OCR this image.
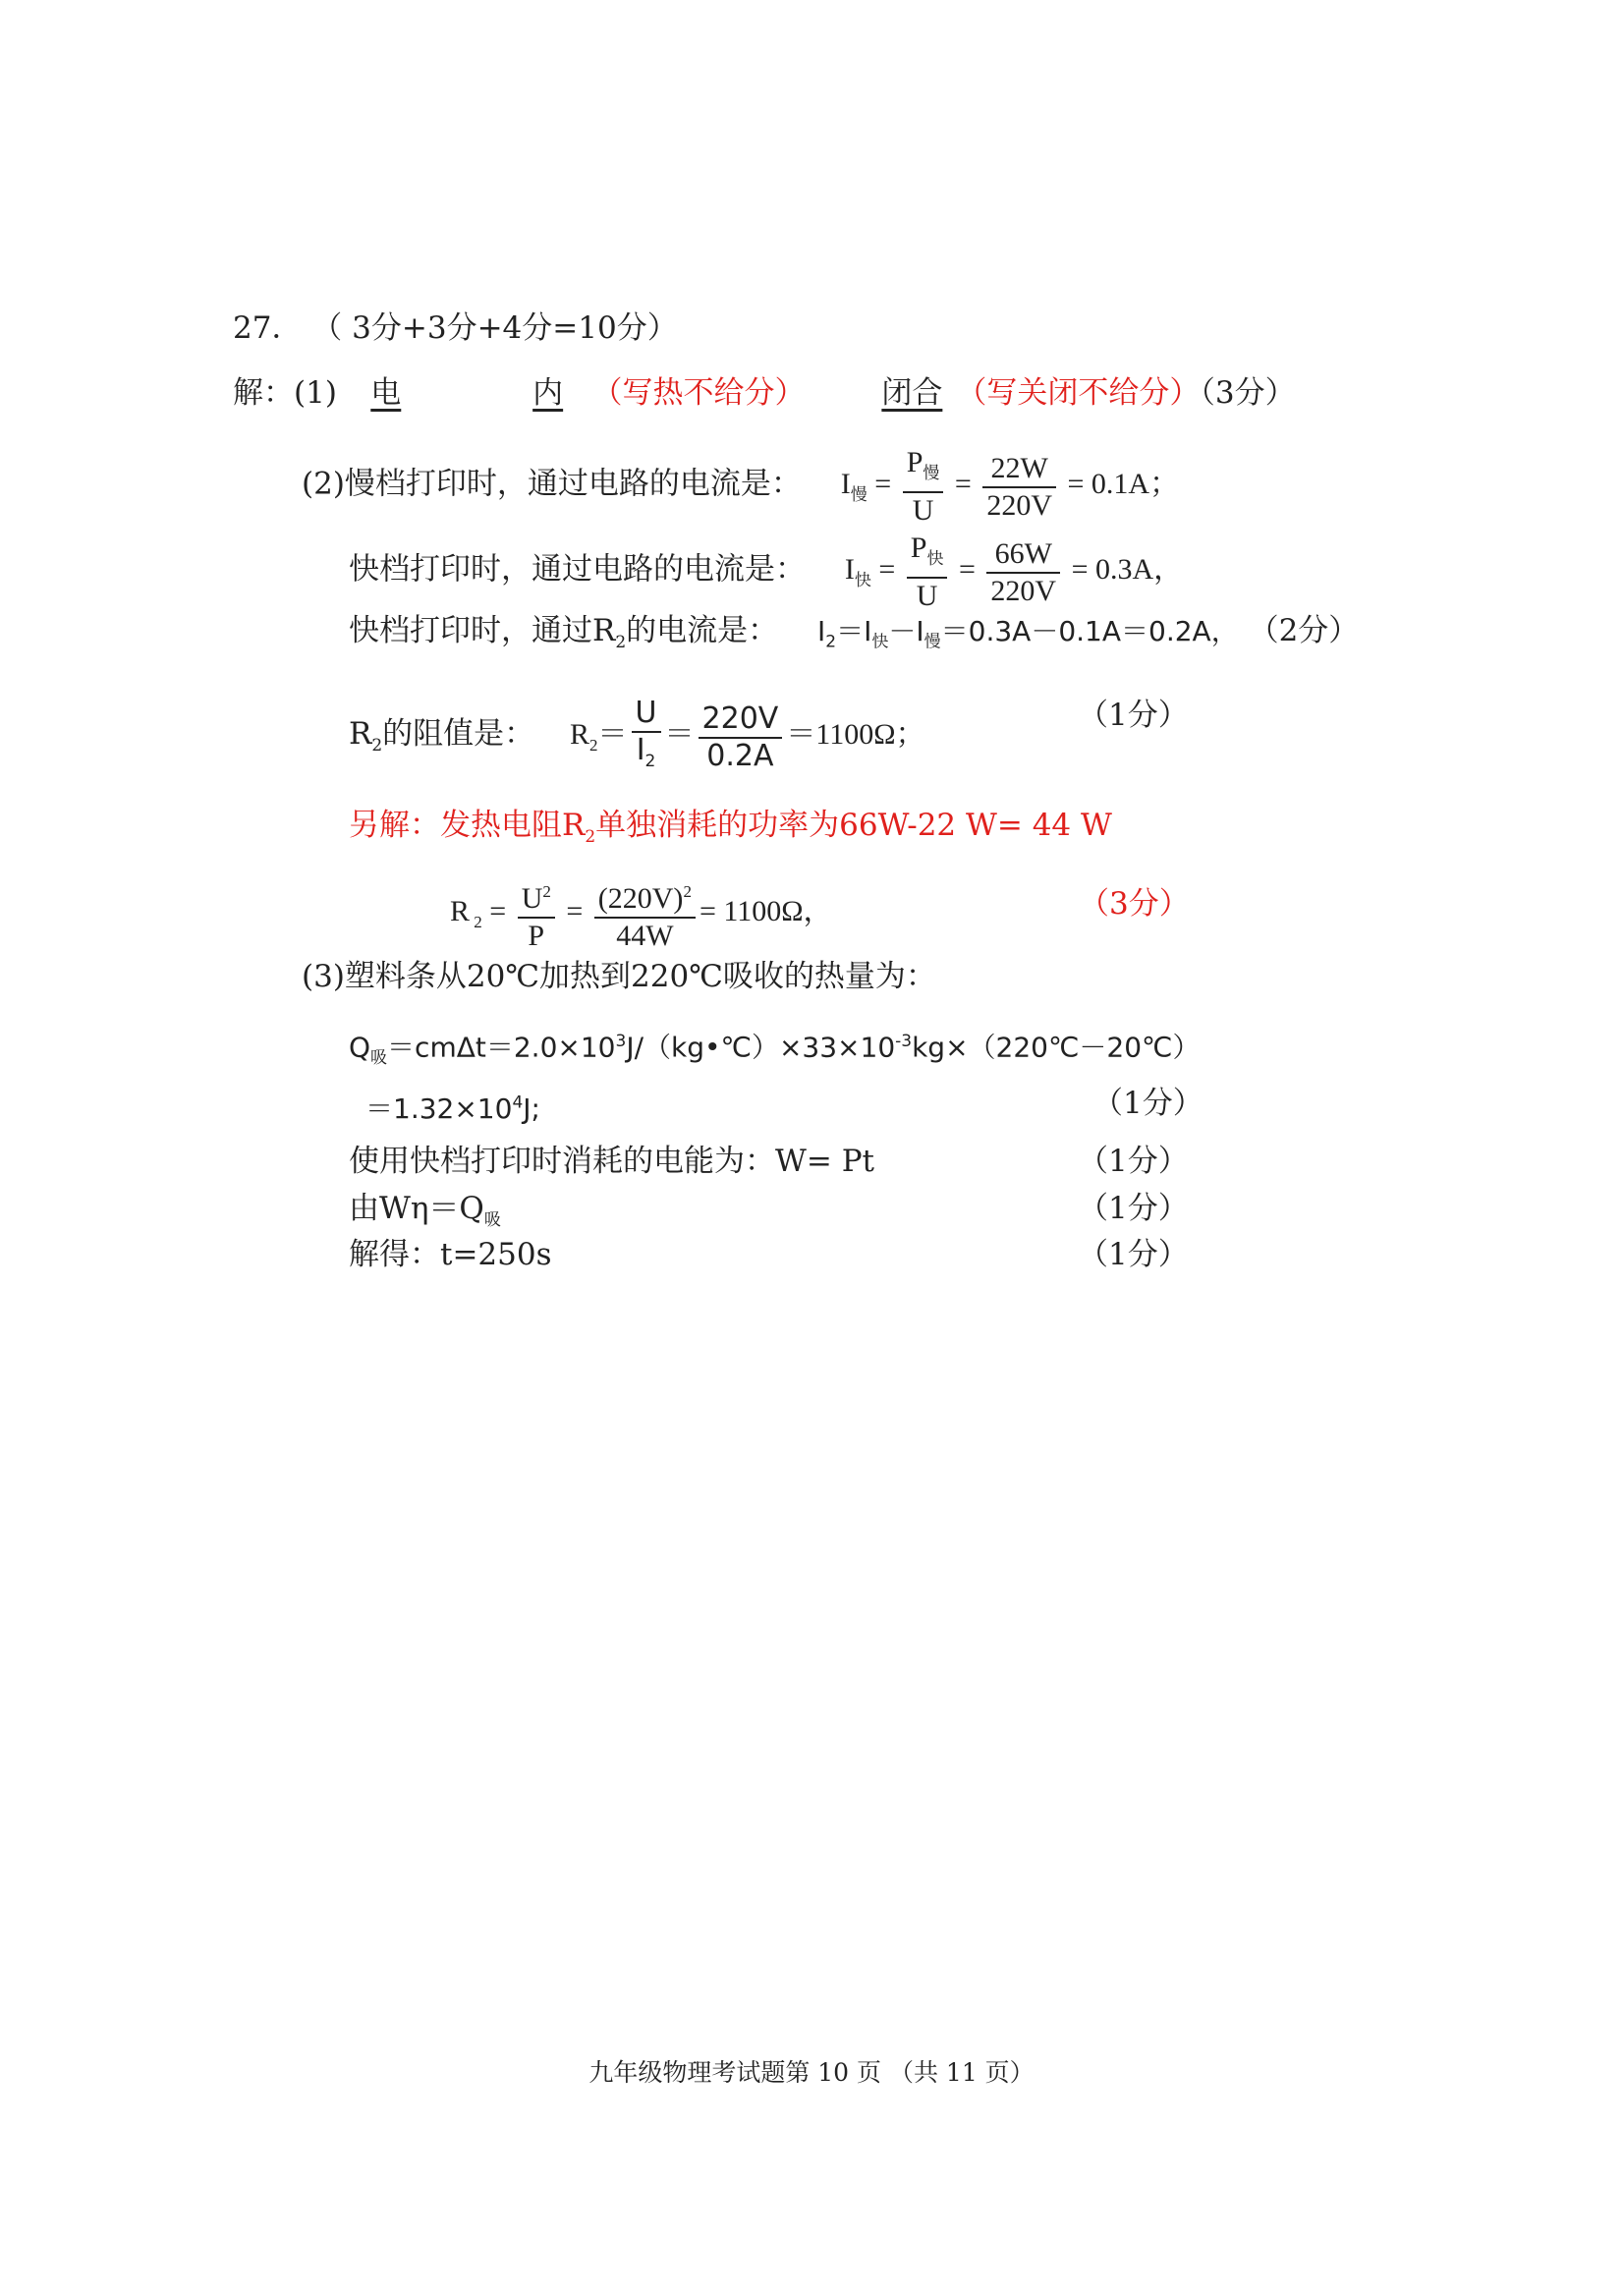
27． （ 3分+3分+4分=10分）
解：(1) 电	内 （写热不给分）	闭合 （写关闭不给分）（3分）
(2)慢档打印时，通过电路的电流是： $I_慢 = \frac{P_慢}{U} = \frac{22W}{220V} = 0.1A$；
快档打印时，通过电路的电流是： $I_快 = \frac{P_快}{U} = \frac{66W}{220V} = 0.3A$，
快档打印时，通过$R_2$的电流是： $I_2=I_快-I_慢=0.3A-0.1A=0.2A$， （2分）
$R_2$的阻值是： $R_2= \frac{U}{I_2} = \frac{220V}{0.2A} =1100\Omega$；
（1分）
另解：发热电阻$R_2$单独消耗的功率为66W-22 W= 44 W
R $_2 = \frac{U^2}{P} = \frac{(220V)^2}{44W} = 1100\Omega$，	（3分）
(3)塑料条从20℃加热到220℃吸收的热量为：
$Q_吸=cm\Delta t=2.0\times 10^3J/(kg•℃)\times 33\times 10^{-3}kg\times(220℃-20℃)$
$=1.32\times 10^4J$;	（1分）
使用快档打印时消耗的电能为：W= Pt	（1分）
由$W\eta=Q_吸$	（1分）
解得：t=250s	（1分）
九年级物理考试题第 10 页 （共 11 页）
